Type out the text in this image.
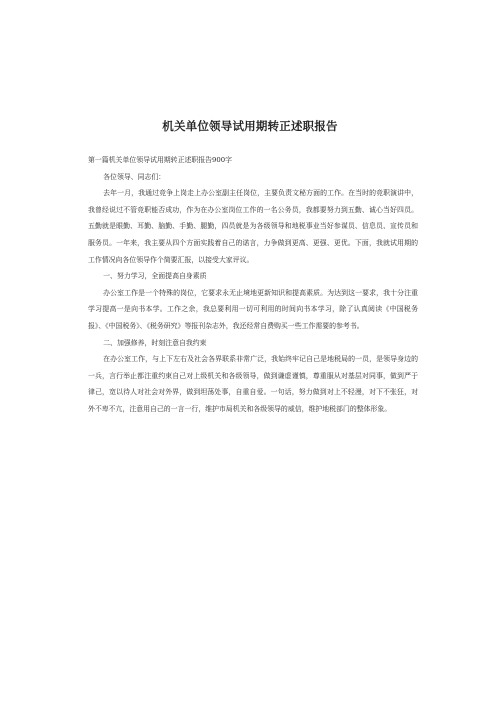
机关单位领导试用期转正述职报告

第一篇机关单位领导试用期转正述职报告900字

各位领导、同志们：

去年一月，我通过竞争上岗走上办公室副主任岗位，主要负责文秘方面的工作。在当时的竞职演讲中，我曾经说过不管竞职能否成功，作为在办公室岗位工作的一名公务员，我都要努力到五勤、诚心当好四员。五勤就是眼勤、耳勤、脑勤、手勤、腿勤，四员就是为各级领导和地税事业当好参谋员、信息员、宣传员和服务员。一年来，我主要从四个方面实践着自己的诺言，力争做到更高、更强、更优。下面，我就试用期的工作情况向各位领导作个简要汇报，以接受大家评议。

一、努力学习，全面提高自身素质

办公室工作是一个特殊的岗位，它要求永无止境地更新知识和提高素质。为达到这一要求，我十分注重学习提高一是向书本学。工作之余，我总要利用一切可利用的时间向书本学习，除了认真阅读《中国税务报》、《中国税务》、《税务研究》等报刊杂志外，我还经常自费购买一些工作需要的参考书。

二、加强修养，时刻注意自我约束

在办公室工作，与上下左右及社会各界联系非常广泛，我始终牢记自己是地税局的一员，是领导身边的一兵，言行举止都注重约束自己对上级机关和各级领导，做到谦虚谨慎，尊重服从对基层对同事，做到严于律己，宽以待人对社会对外界，做到坦荡处事，自重自爱。一句话，努力做到对上不轻漫，对下不张狂，对外不卑不亢，注意用自己的一言一行，维护市局机关和各级领导的威信，维护地税部门的整体形象。
